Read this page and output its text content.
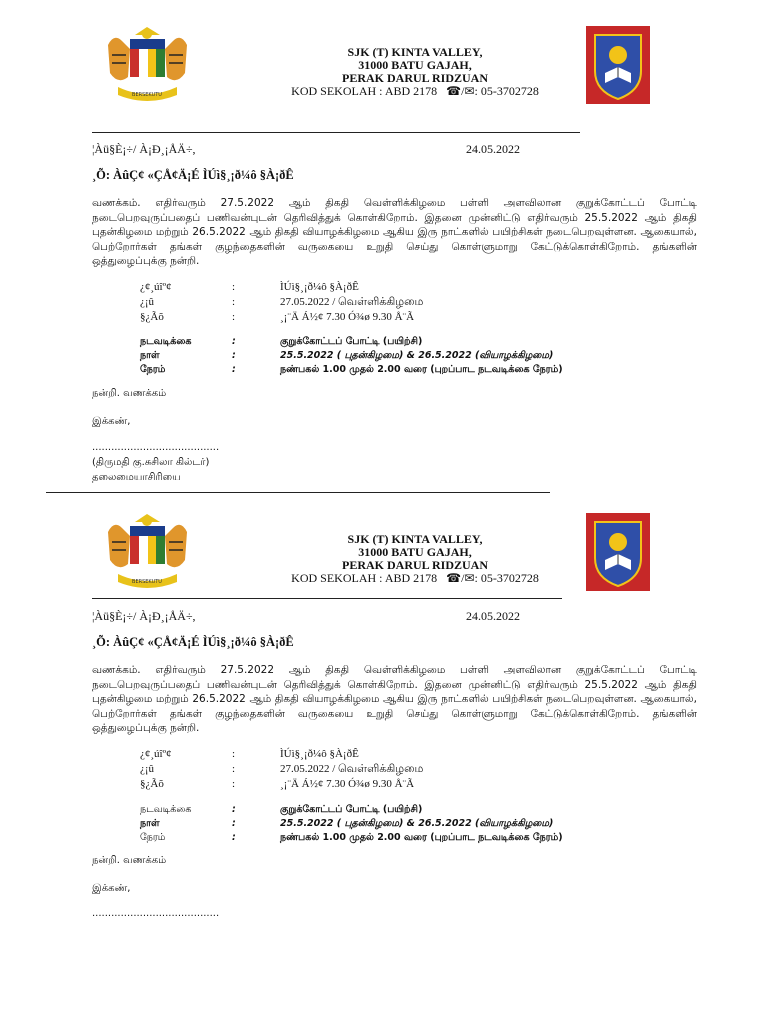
BERSEKUTU
SJK (T) KINTA VALLEY,
31000 BATU GAJAH,
PERAK DARUL RIDZUAN
KOD SEKOLAH : ABD 2178 ☎/✉: 05-3702728
¦Àü§È¡÷/ À¡Ð¸¡ÅÄ÷,	24.05.2022
¸Õ: ÀûÇ¢ «ÇÅ¢Ä¡É ÌÚì§¸¡ð¼ô §À¡ðÊ
வணக்கம். எதிர்வரும் 27.5.2022 ஆம் திகதி வெள்ளிக்கிழமை பள்ளி அளவிலான குறுக்கோட்டப் போட்டி நடைபெறவுருப்பதைப் பணிவன்புடன் தெரிவித்துக் கொள்கிறோம். இதனை முன்னிட்டு எதிர்வரும் 25.5.2022 ஆம் திகதி புதன்கிழமை மற்றும் 26.5.2022 ஆம் திகதி வியாழக்கிழமை ஆகிய இரு நாட்களில் பயிற்சிகள் நடைபெறவுள்ளன. ஆகையால், பெற்றோர்கள் தங்கள் குழந்தைகளின் வருகையை உறுதி செய்து கொள்ளுமாறு கேட்டுக்கொள்கிறோம். தங்களின் ஒத்துழைப்புக்கு நன்றி.
¿¢¸úîº¢	:	ÌÚì§¸¡ð¼ô §À¡ðÊ
¿¡û	:	27.05.2022 / வெள்ளிக்கிழமை
§¿Ãõ	:	¸¡¨Ä Á½¢ 7.30 Ó¾ø 9.30 Å¨Ã
நடவடிக்கை	:	குறுக்கோட்டப் போட்டி (பயிற்சி)
நாள்	:	25.5.2022 ( புதன்கிழமை) & 26.5.2022 (வியாழக்கிழமை)
நேரம்	:	நண்பகல் 1.00 முதல் 2.00 வரை (புறப்பாட நடவடிக்கை நேரம்)
நன்றி. வணக்கம்
இக்கண்,
........................................
(திருமதி கு.சுசிலா கில்டர்)
தலைமையாசிரியை
BERSEKUTU
SJK (T) KINTA VALLEY,
31000 BATU GAJAH,
PERAK DARUL RIDZUAN
KOD SEKOLAH : ABD 2178 ☎/✉: 05-3702728
¦Àü§È¡÷/ À¡Ð¸¡ÅÄ÷,	24.05.2022
¸Õ: ÀûÇ¢ «ÇÅ¢Ä¡É ÌÚì§¸¡ð¼ô §À¡ðÊ
வணக்கம். எதிர்வரும் 27.5.2022 ஆம் திகதி வெள்ளிக்கிழமை பள்ளி அளவிலான குறுக்கோட்டப் போட்டி நடைபெறவுருப்பதைப் பணிவன்புடன் தெரிவித்துக் கொள்கிறோம். இதனை முன்னிட்டு எதிர்வரும் 25.5.2022 ஆம் திகதி புதன்கிழமை மற்றும் 26.5.2022 ஆம் திகதி வியாழக்கிழமை ஆகிய இரு நாட்களில் பயிற்சிகள் நடைபெறவுள்ளன. ஆகையால், பெற்றோர்கள் தங்கள் குழந்தைகளின் வருகையை உறுதி செய்து கொள்ளுமாறு கேட்டுக்கொள்கிறோம். தங்களின் ஒத்துழைப்புக்கு நன்றி.
¿¢¸úîº¢	:	ÌÚì§¸¡ð¼ô §À¡ðÊ
¿¡û	:	27.05.2022 / வெள்ளிக்கிழமை
§¿Ãõ	:	¸¡¨Ä Á½¢ 7.30 Ó¾ø 9.30 Å¨Ã
நடவடிக்கை	:	குறுக்கோட்டப் போட்டி (பயிற்சி)
நாள்	:	25.5.2022 ( புதன்கிழமை) & 26.5.2022 (வியாழக்கிழமை)
நேரம்	:	நண்பகல் 1.00 முதல் 2.00 வரை (புறப்பாட நடவடிக்கை நேரம்)
நன்றி. வணக்கம்
இக்கண்,
........................................
